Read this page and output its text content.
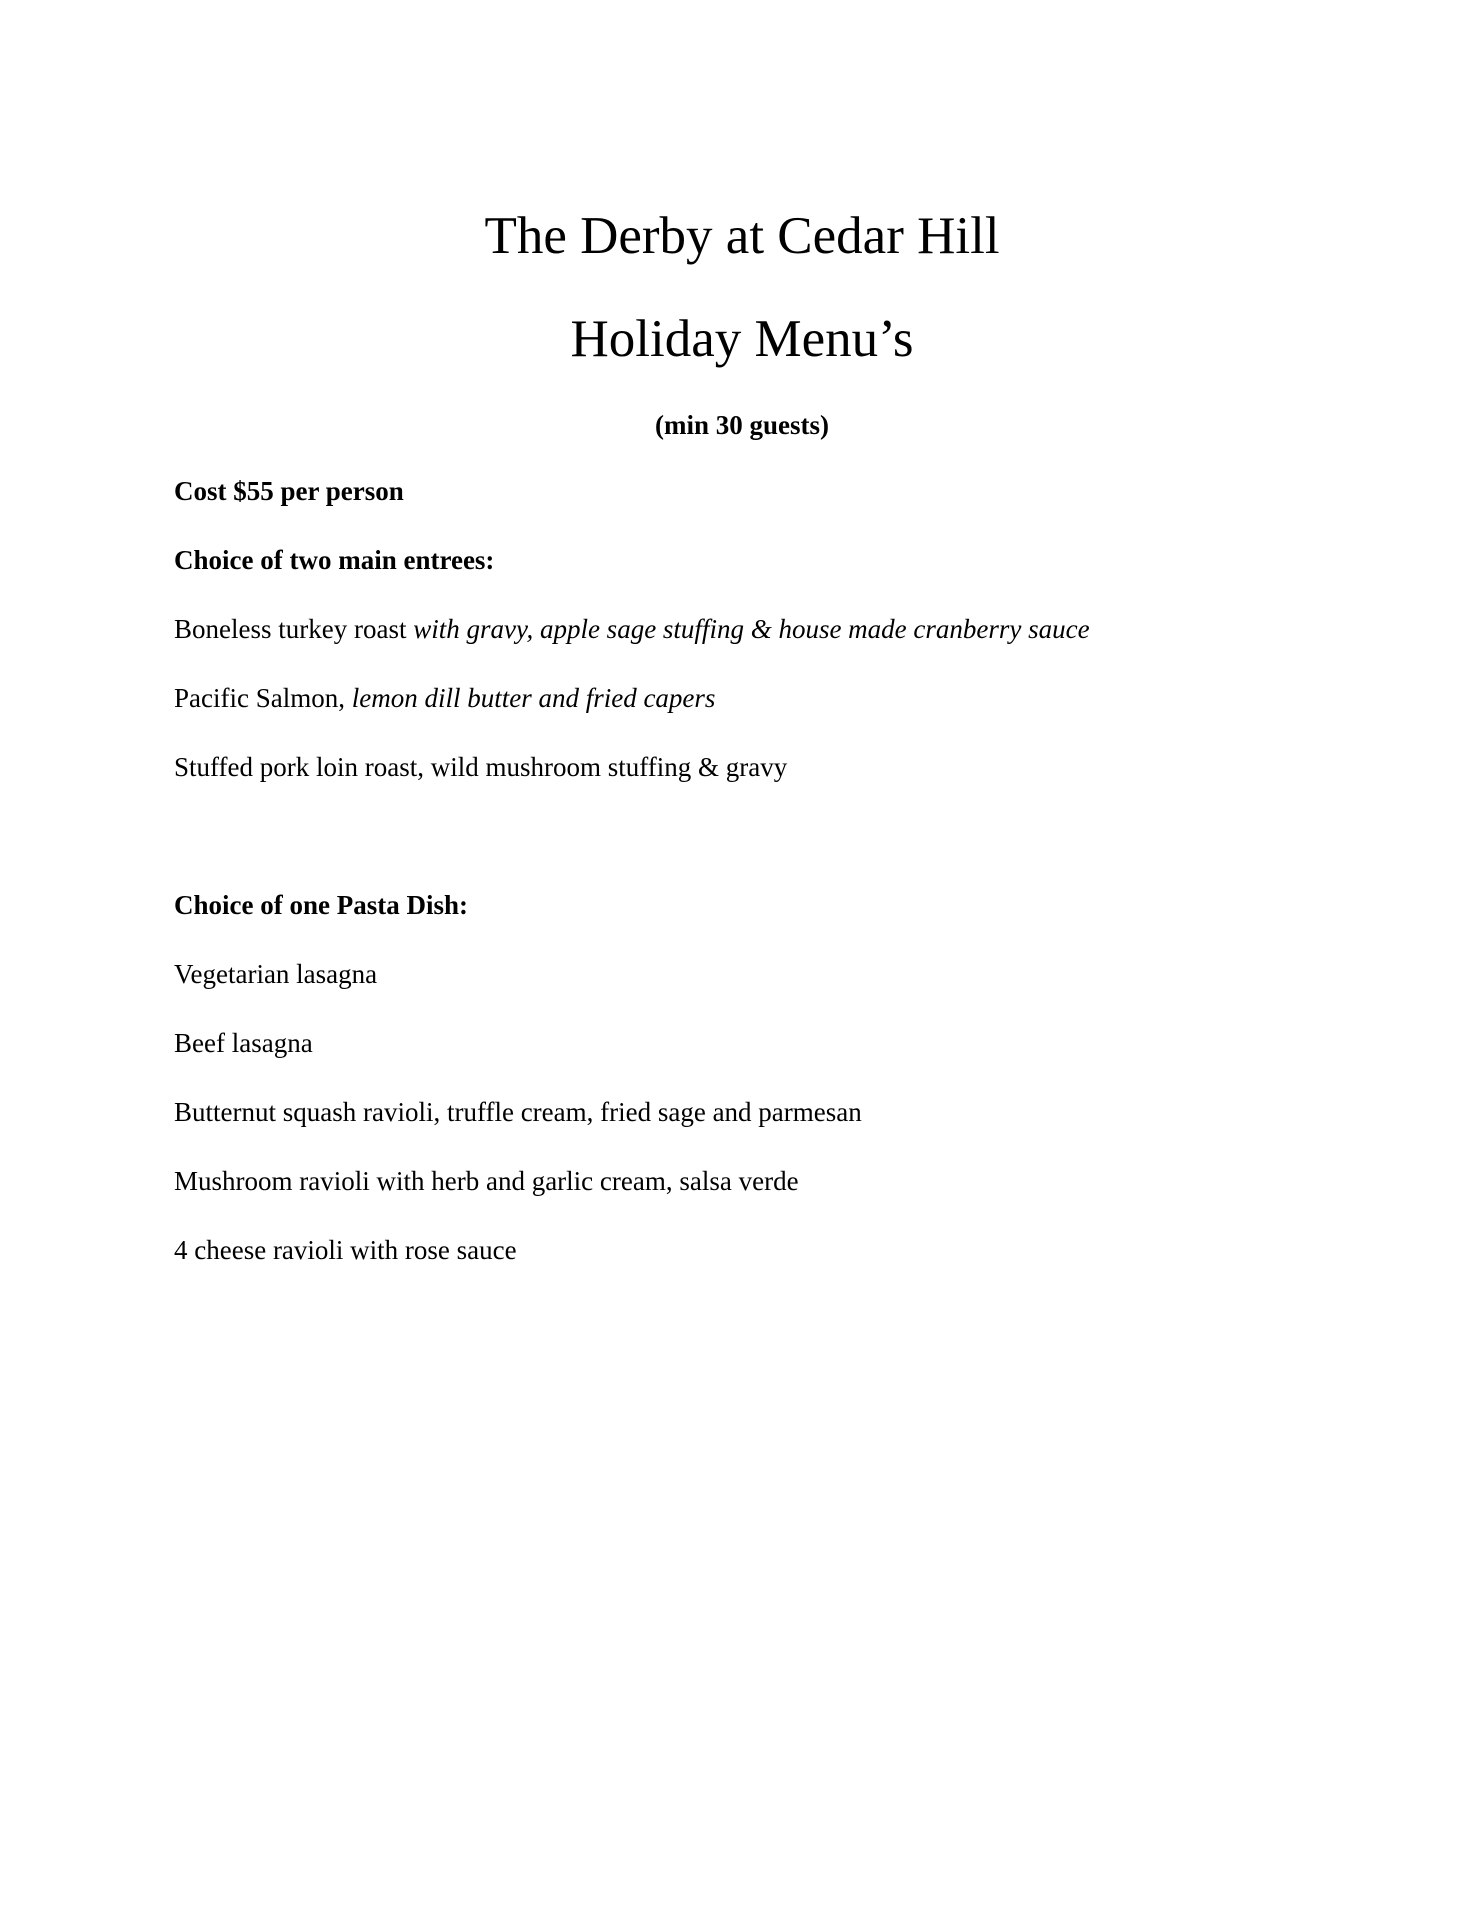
The Derby at Cedar Hill
Holiday Menu’s

(min 30 guests)

Cost $55 per person

Choice of two main entrees:

Boneless turkey roast with gravy, apple sage stuffing & house made cranberry sauce

Pacific Salmon, lemon dill butter and fried capers

Stuffed pork loin roast, wild mushroom stuffing & gravy

Choice of one Pasta Dish:

Vegetarian lasagna

Beef lasagna

Butternut squash ravioli, truffle cream, fried sage and parmesan

Mushroom ravioli with herb and garlic cream, salsa verde

4 cheese ravioli with rose sauce
